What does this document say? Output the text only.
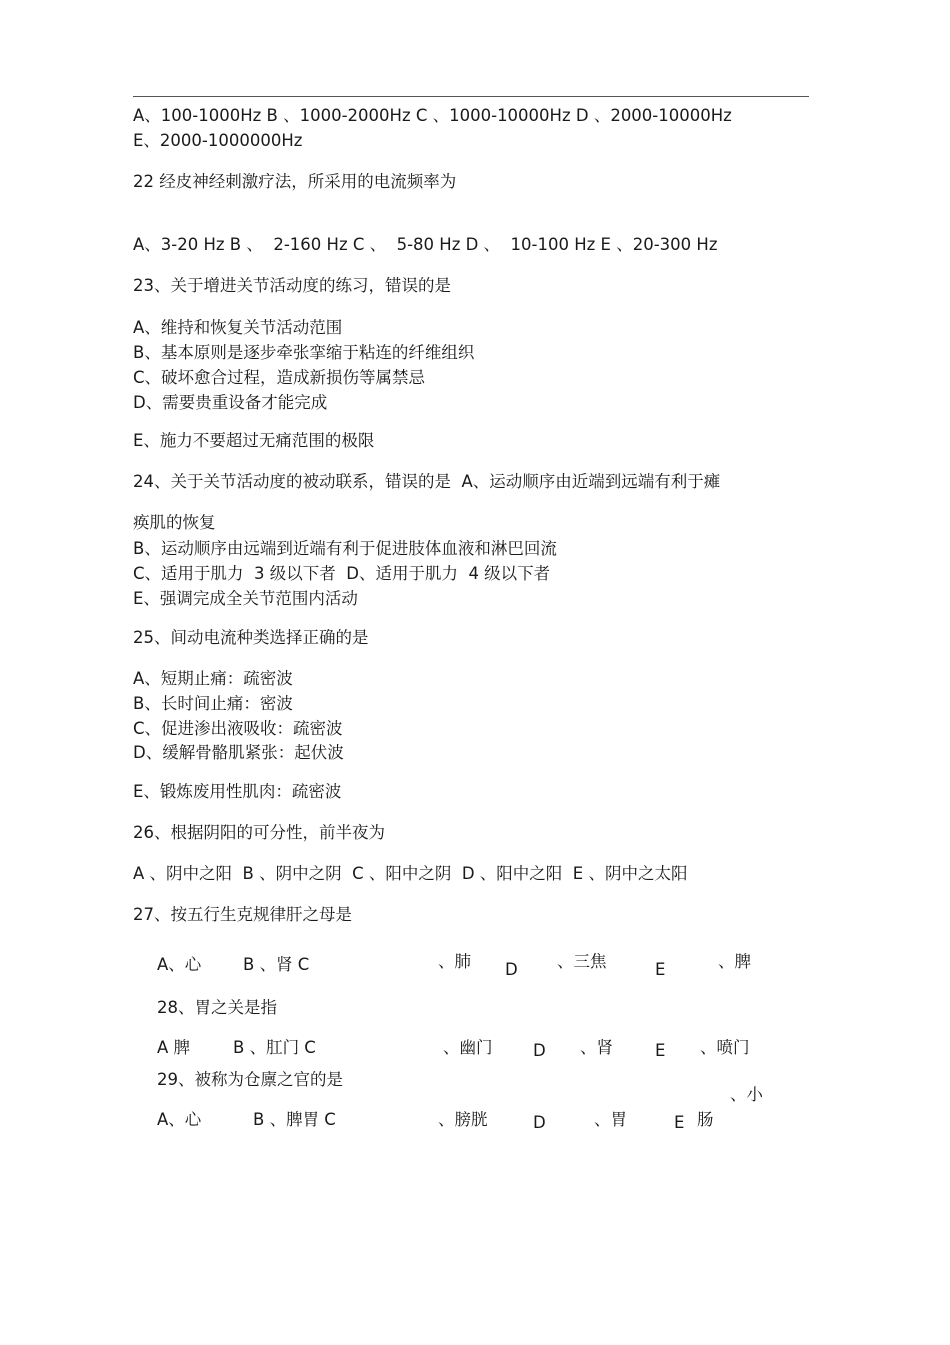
A、100-1000Hz B 、1000-2000Hz C 、1000-10000Hz D 、2000-10000Hz
E、2000-1000000Hz
22 经皮神经刺激疗法，所采用的电流频率为
A、3-20 Hz B 、  2-160 Hz C 、  5-80 Hz D 、  10-100 Hz E 、20-300 Hz
23、关于增进关节活动度的练习，错误的是
A、维持和恢复关节活动范围
B、基本原则是逐步牵张挛缩于粘连的纤维组织
C、破坏愈合过程，造成新损伤等属禁忌
D、需要贵重设备才能完成
E、施力不要超过无痛范围的极限
24、关于关节活动度的被动联系，错误的是  A、运动顺序由近端到远端有利于瘫
痪肌的恢复
B、运动顺序由远端到近端有利于促进肢体血液和淋巴回流
C、适用于肌力  3 级以下者  D、适用于肌力  4 级以下者
E、强调完成全关节范围内活动
25、间动电流种类选择正确的是
A、短期止痛：疏密波
B、长时间止痛：密波
C、促进渗出液吸收：疏密波
D、缓解骨骼肌紧张：起伏波
E、锻炼废用性肌肉：疏密波
26、根据阴阳的可分性，前半夜为
A 、阴中之阳  B 、阴中之阴  C 、阳中之阴  D 、阳中之阳  E 、阴中之太阳
27、按五行生克规律肝之母是
A、心	B 、肾 C	、肺 D 、三焦	E	、脾
28、胃之关是指
A 脾	B 、肛门 C	、幽门 D 、肾	E 、喷门
29、被称为仓廪之官的是
、小
A、心	B 、脾胃 C	、膀胱	D	、胃	E 肠
